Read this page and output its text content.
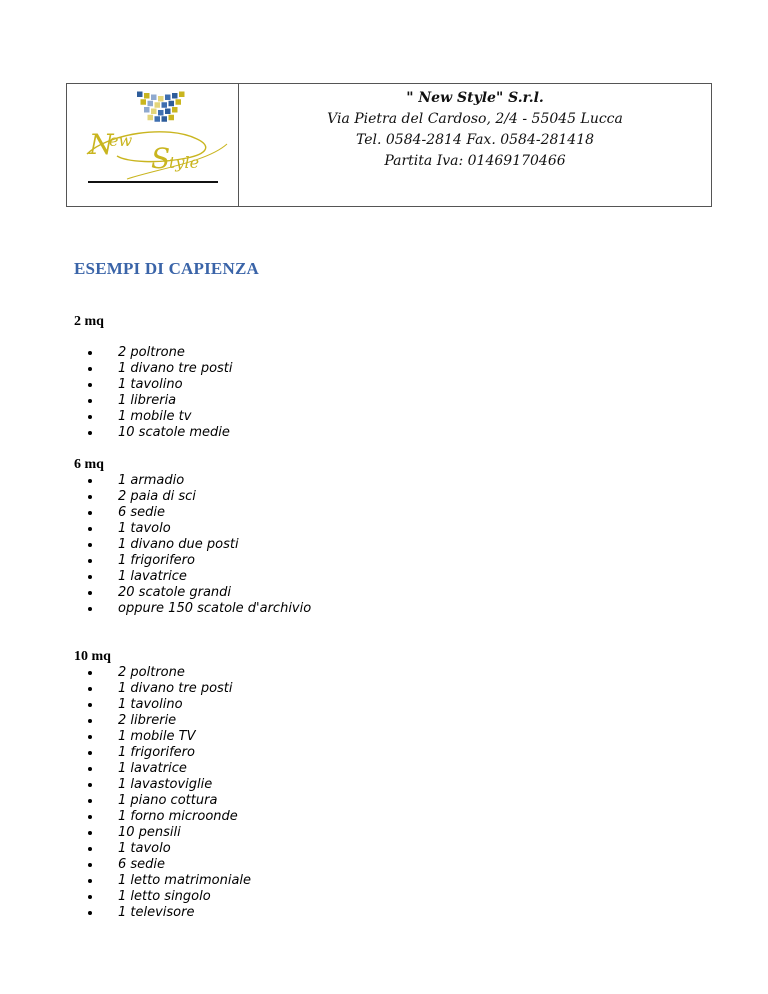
N
ew
S
tyle
" New Style" S.r.l.
Via Pietra del Cardoso, 2/4 - 55045 Lucca
Tel. 0584-2814 Fax. 0584-281418
Partita Iva: 01469170466
ESEMPI DI CAPIENZA
2 mq
2 poltrone
1 divano tre posti
1 tavolino
1 libreria
1 mobile tv
10 scatole medie
6 mq
1 armadio
2 paia di sci
6 sedie
1 tavolo
1 divano due posti
1 frigorifero
1 lavatrice
20 scatole grandi
oppure 150 scatole d'archivio
10 mq
2 poltrone
1 divano tre posti
1 tavolino
2 librerie
1 mobile TV
1 frigorifero
1 lavatrice
1 lavastoviglie
1 piano cottura
1 forno microonde
10 pensili
1 tavolo
6 sedie
1 letto matrimoniale
1 letto singolo
1 televisore
